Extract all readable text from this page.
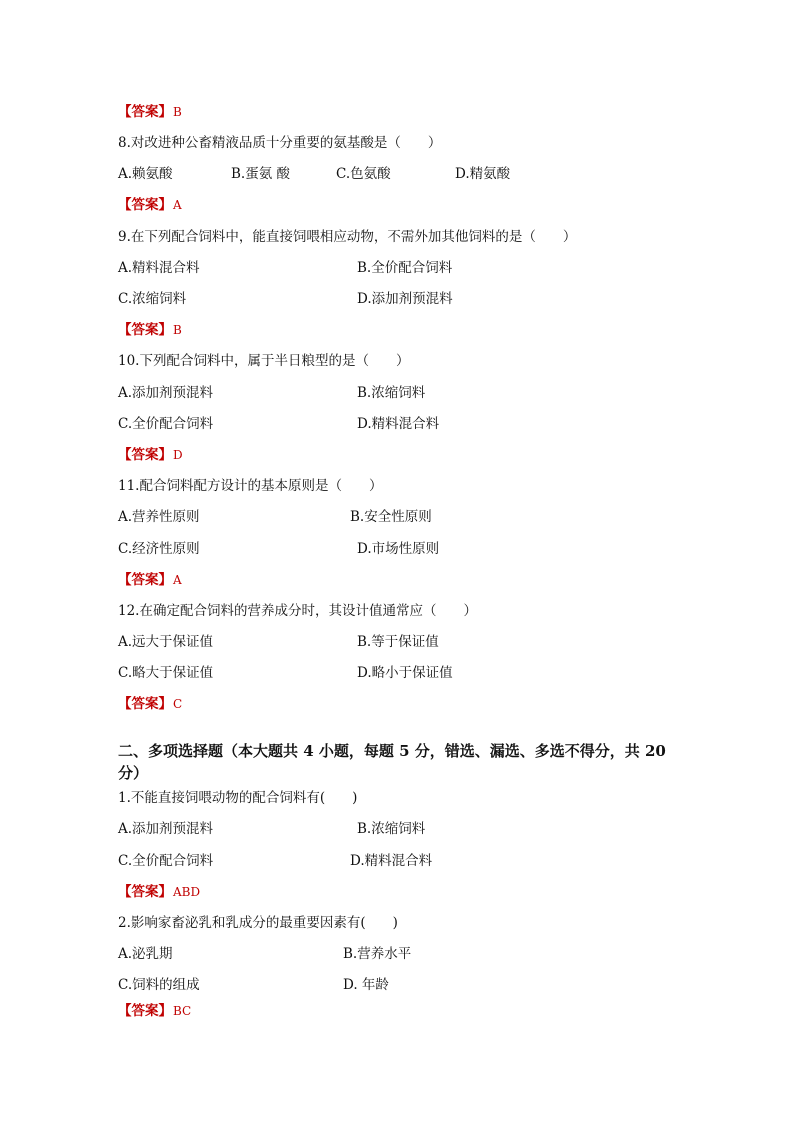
【答案】B
8.对改进种公畜精液品质十分重要的氨基酸是（　　）
A.赖氨酸	B.蛋氨 酸	C.色氨酸	D.精氨酸
【答案】A
9.在下列配合饲料中，能直接饲喂相应动物，不需外加其他饲料的是（　　）
A.精料混合料	B.全价配合饲料
C.浓缩饲料	D.添加剂预混料
【答案】B
10.下列配合饲料中，属于半日粮型的是（　　）
A.添加剂预混料	B.浓缩饲料
C.全价配合饲料	D.精料混合料
【答案】D
11.配合饲料配方设计的基本原则是（　　）
A.营养性原则	B.安全性原则
C.经济性原则	D.市场性原则
【答案】A
12.在确定配合饲料的营养成分时，其设计值通常应（　　）
A.远大于保证值	B.等于保证值
C.略大于保证值	D.略小于保证值
【答案】C
二、多项选择题（本大题共 4 小题，每题 5 分，错选、漏选、多选不得分，共 20 分）
1.不能直接饲喂动物的配合饲料有(　　)
A.添加剂预混料	B.浓缩饲料
C.全价配合饲料	D.精料混合料
【答案】ABD
2.影响家畜泌乳和乳成分的最重要因素有(　　)
A.泌乳期	B.营养水平
C.饲料的组成	D. 年龄
【答案】BC
